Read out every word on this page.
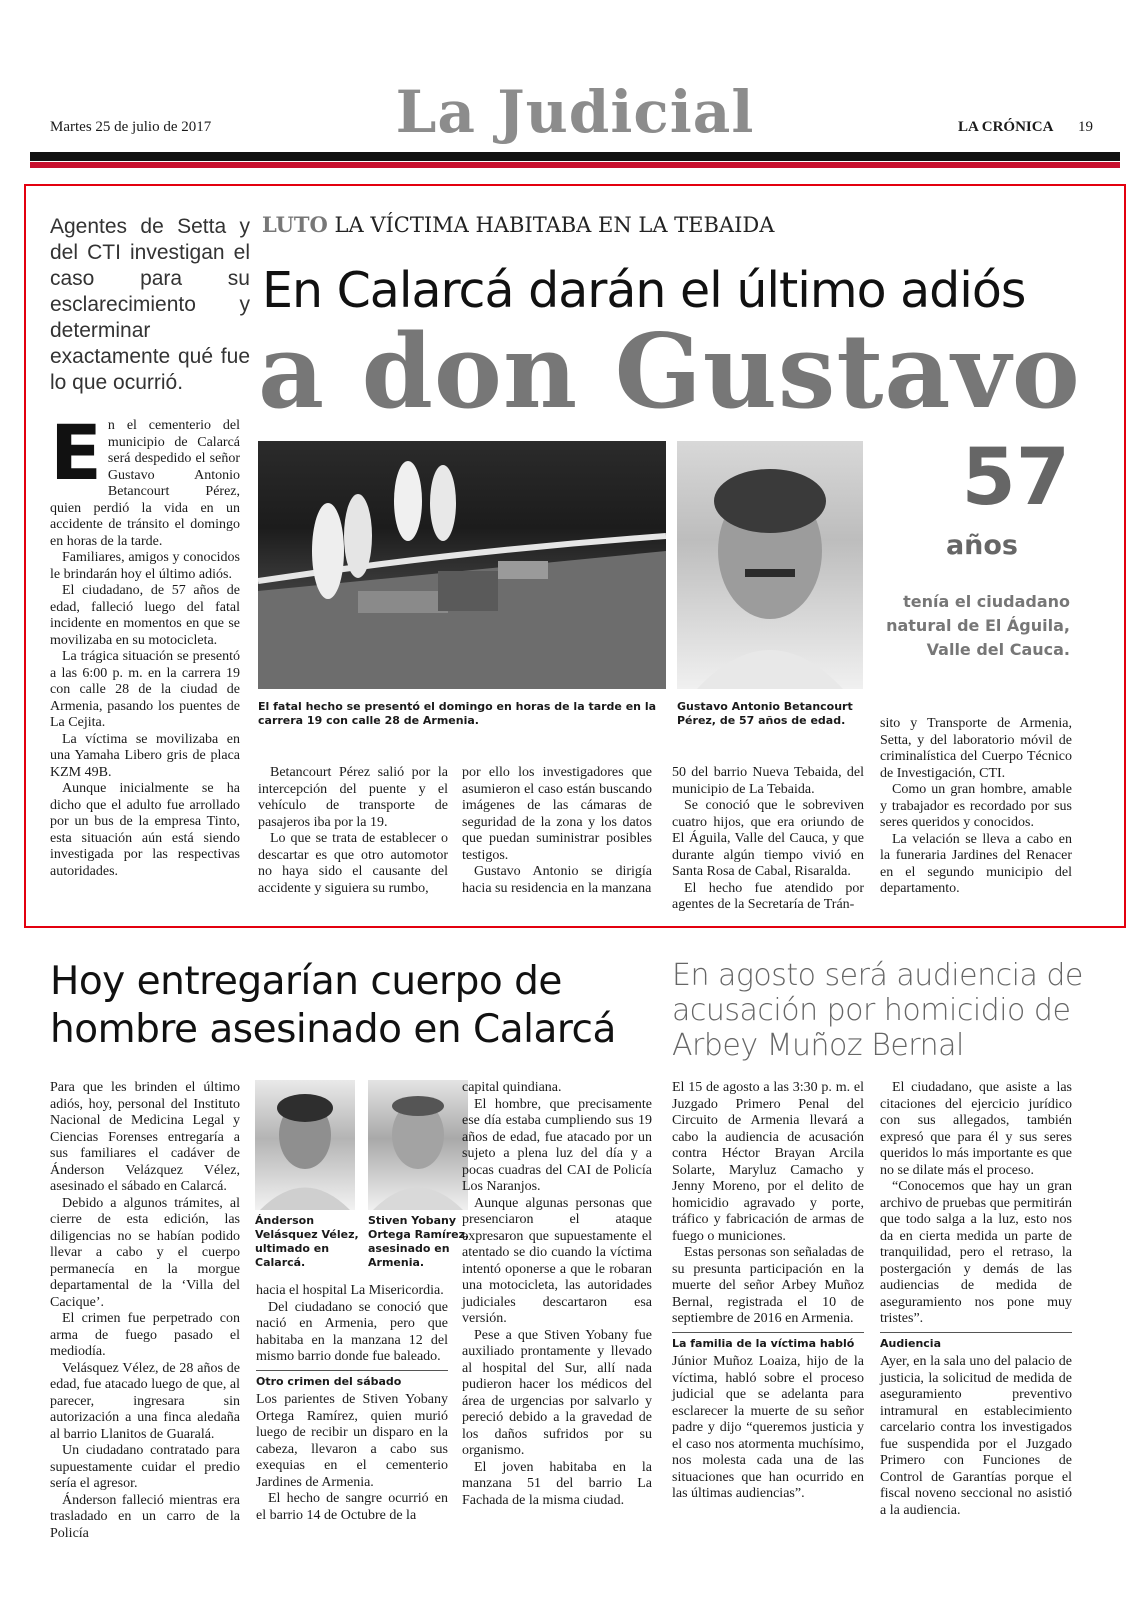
Martes 25 de julio de 2017	La Judicial	LA CRÓNICA 19
Agentes de Setta y del CTI investigan el caso para su esclarecimiento y determinar exactamente qué fue lo que ocurrió.
LUTO LA VÍCTIMA HABITABA EN LA TEBAIDA
En Calarcá darán el último adiós
a don Gustavo

En el cementerio del municipio de Calarcá será despedido el señor Gustavo Antonio Betancourt Pérez, quien perdió la vida en un accidente de tránsito el domingo en horas de la tarde.

Familiares, amigos y conocidos le brindarán hoy el último adiós.

El ciudadano, de 57 años de edad, falleció luego del fatal incidente en momentos en que se movilizaba en su motocicleta.

La trágica situación se presentó a las 6:00 p. m. en la carrera 19 con calle 28 de la ciudad de Armenia, pasando los puentes de La Cejita.

La víctima se movilizaba en una Yamaha Libero gris de placa KZM 49B.

Aunque inicialmente se ha dicho que el adulto fue arrollado por un bus de la empresa Tinto, esta situación aún está siendo investigada por las respectivas autoridades.

El fatal hecho se presentó el domingo en horas de la tarde en la carrera 19 con calle 28 de Armenia.
Gustavo Antonio Betancourt Pérez, de 57 años de edad.
57
años
tenía el ciudadano natural de El Águila, Valle del Cauca.

Betancourt Pérez salió por la intercepción del puente y el vehículo de transporte de pasajeros iba por la 19.

Lo que se trata de establecer o descartar es que otro automotor no haya sido el causante del accidente y siguiera su rumbo,

por ello los investigadores que asumieron el caso están buscando imágenes de las cámaras de seguridad de la zona y los datos que puedan suministrar posibles testigos.

Gustavo Antonio se dirigía hacia su residencia en la manzana

50 del barrio Nueva Tebaida, del municipio de La Tebaida.

Se conoció que le sobreviven cuatro hijos, que era oriundo de El Águila, Valle del Cauca, y que durante algún tiempo vivió en Santa Rosa de Cabal, Risaralda.

El hecho fue atendido por agentes de la Secretaría de Trán-

sito y Transporte de Armenia, Setta, y del laboratorio móvil de criminalística del Cuerpo Técnico de Investigación, CTI.

Como un gran hombre, amable y trabajador es recordado por sus seres queridos y conocidos.

La velación se lleva a cabo en la funeraria Jardines del Renacer en el segundo municipio del departamento.

Hoy entregarían cuerpo de hombre asesinado en Calarcá

Para que les brinden el último adiós, hoy, personal del Instituto Nacional de Medicina Legal y Ciencias Forenses entregaría a sus familiares el cadáver de Ánderson Velázquez Vélez, asesinado el sábado en Calarcá.

Debido a algunos trámites, al cierre de esta edición, las diligencias no se habían podido llevar a cabo y el cuerpo permanecía en la morgue departamental de la ‘Villa del Cacique’.

El crimen fue perpetrado con arma de fuego pasado el mediodía.

Velásquez Vélez, de 28 años de edad, fue atacado luego de que, al parecer, ingresara sin autorización a una finca aledaña al barrio Llanitos de Guaralá.

Un ciudadano contratado para supuestamente cuidar el predio sería el agresor.

Ánderson falleció mientras era trasladado en un carro de la Policía

Ánderson Velásquez Vélez, ultimado en Calarcá.
Stiven Yobany Ortega Ramírez, asesinado en Armenia.

hacia el hospital La Misericordia.

Del ciudadano se conoció que nació en Armenia, pero que habitaba en la manzana 12 del mismo barrio donde fue baleado.

Otro crimen del sábado

Los parientes de Stiven Yobany Ortega Ramírez, quien murió luego de recibir un disparo en la cabeza, llevaron a cabo sus exequias en el cementerio Jardines de Armenia.

El hecho de sangre ocurrió en el barrio 14 de Octubre de la

capital quindiana.

El hombre, que precisamente ese día estaba cumpliendo sus 19 años de edad, fue atacado por un sujeto a plena luz del día y a pocas cuadras del CAI de Policía Los Naranjos.

Aunque algunas personas que presenciaron el ataque expresaron que supuestamente el atentado se dio cuando la víctima intentó oponerse a que le robaran una motocicleta, las autoridades judiciales descartaron esa versión.

Pese a que Stiven Yobany fue auxiliado prontamente y llevado al hospital del Sur, allí nada pudieron hacer los médicos del área de urgencias por salvarlo y pereció debido a la gravedad de los daños sufridos por su organismo.

El joven habitaba en la manzana 51 del barrio La Fachada de la misma ciudad.

En agosto será audiencia de acusación por homicidio de Arbey Muñoz Bernal

El 15 de agosto a las 3:30 p. m. el Juzgado Primero Penal del Circuito de Armenia llevará a cabo la audiencia de acusación contra Héctor Brayan Arcila Solarte, Maryluz Camacho y Jenny Moreno, por el delito de homicidio agravado y porte, tráfico y fabricación de armas de fuego o municiones.

Estas personas son señaladas de su presunta participación en la muerte del señor Arbey Muñoz Bernal, registrada el 10 de septiembre de 2016 en Armenia.

La familia de la víctima habló

Júnior Muñoz Loaiza, hijo de la víctima, habló sobre el proceso judicial que se adelanta para esclarecer la muerte de su señor padre y dijo “queremos justicia y el caso nos atormenta muchísimo, nos molesta cada una de las situaciones que han ocurrido en las últimas audiencias”.

El ciudadano, que asiste a las citaciones del ejercicio jurídico con sus allegados, también expresó que para él y sus seres queridos lo más importante es que no se dilate más el proceso.

“Conocemos que hay un gran archivo de pruebas que permitirán que todo salga a la luz, esto nos da en cierta medida un parte de tranquilidad, pero el retraso, la postergación y demás de las audiencias de medida de aseguramiento nos pone muy tristes”.

Audiencia

Ayer, en la sala uno del palacio de justicia, la solicitud de medida de aseguramiento preventivo intramural en establecimiento carcelario contra los investigados fue suspendida por el Juzgado Primero con Funciones de Control de Garantías porque el fiscal noveno seccional no asistió a la audiencia.
